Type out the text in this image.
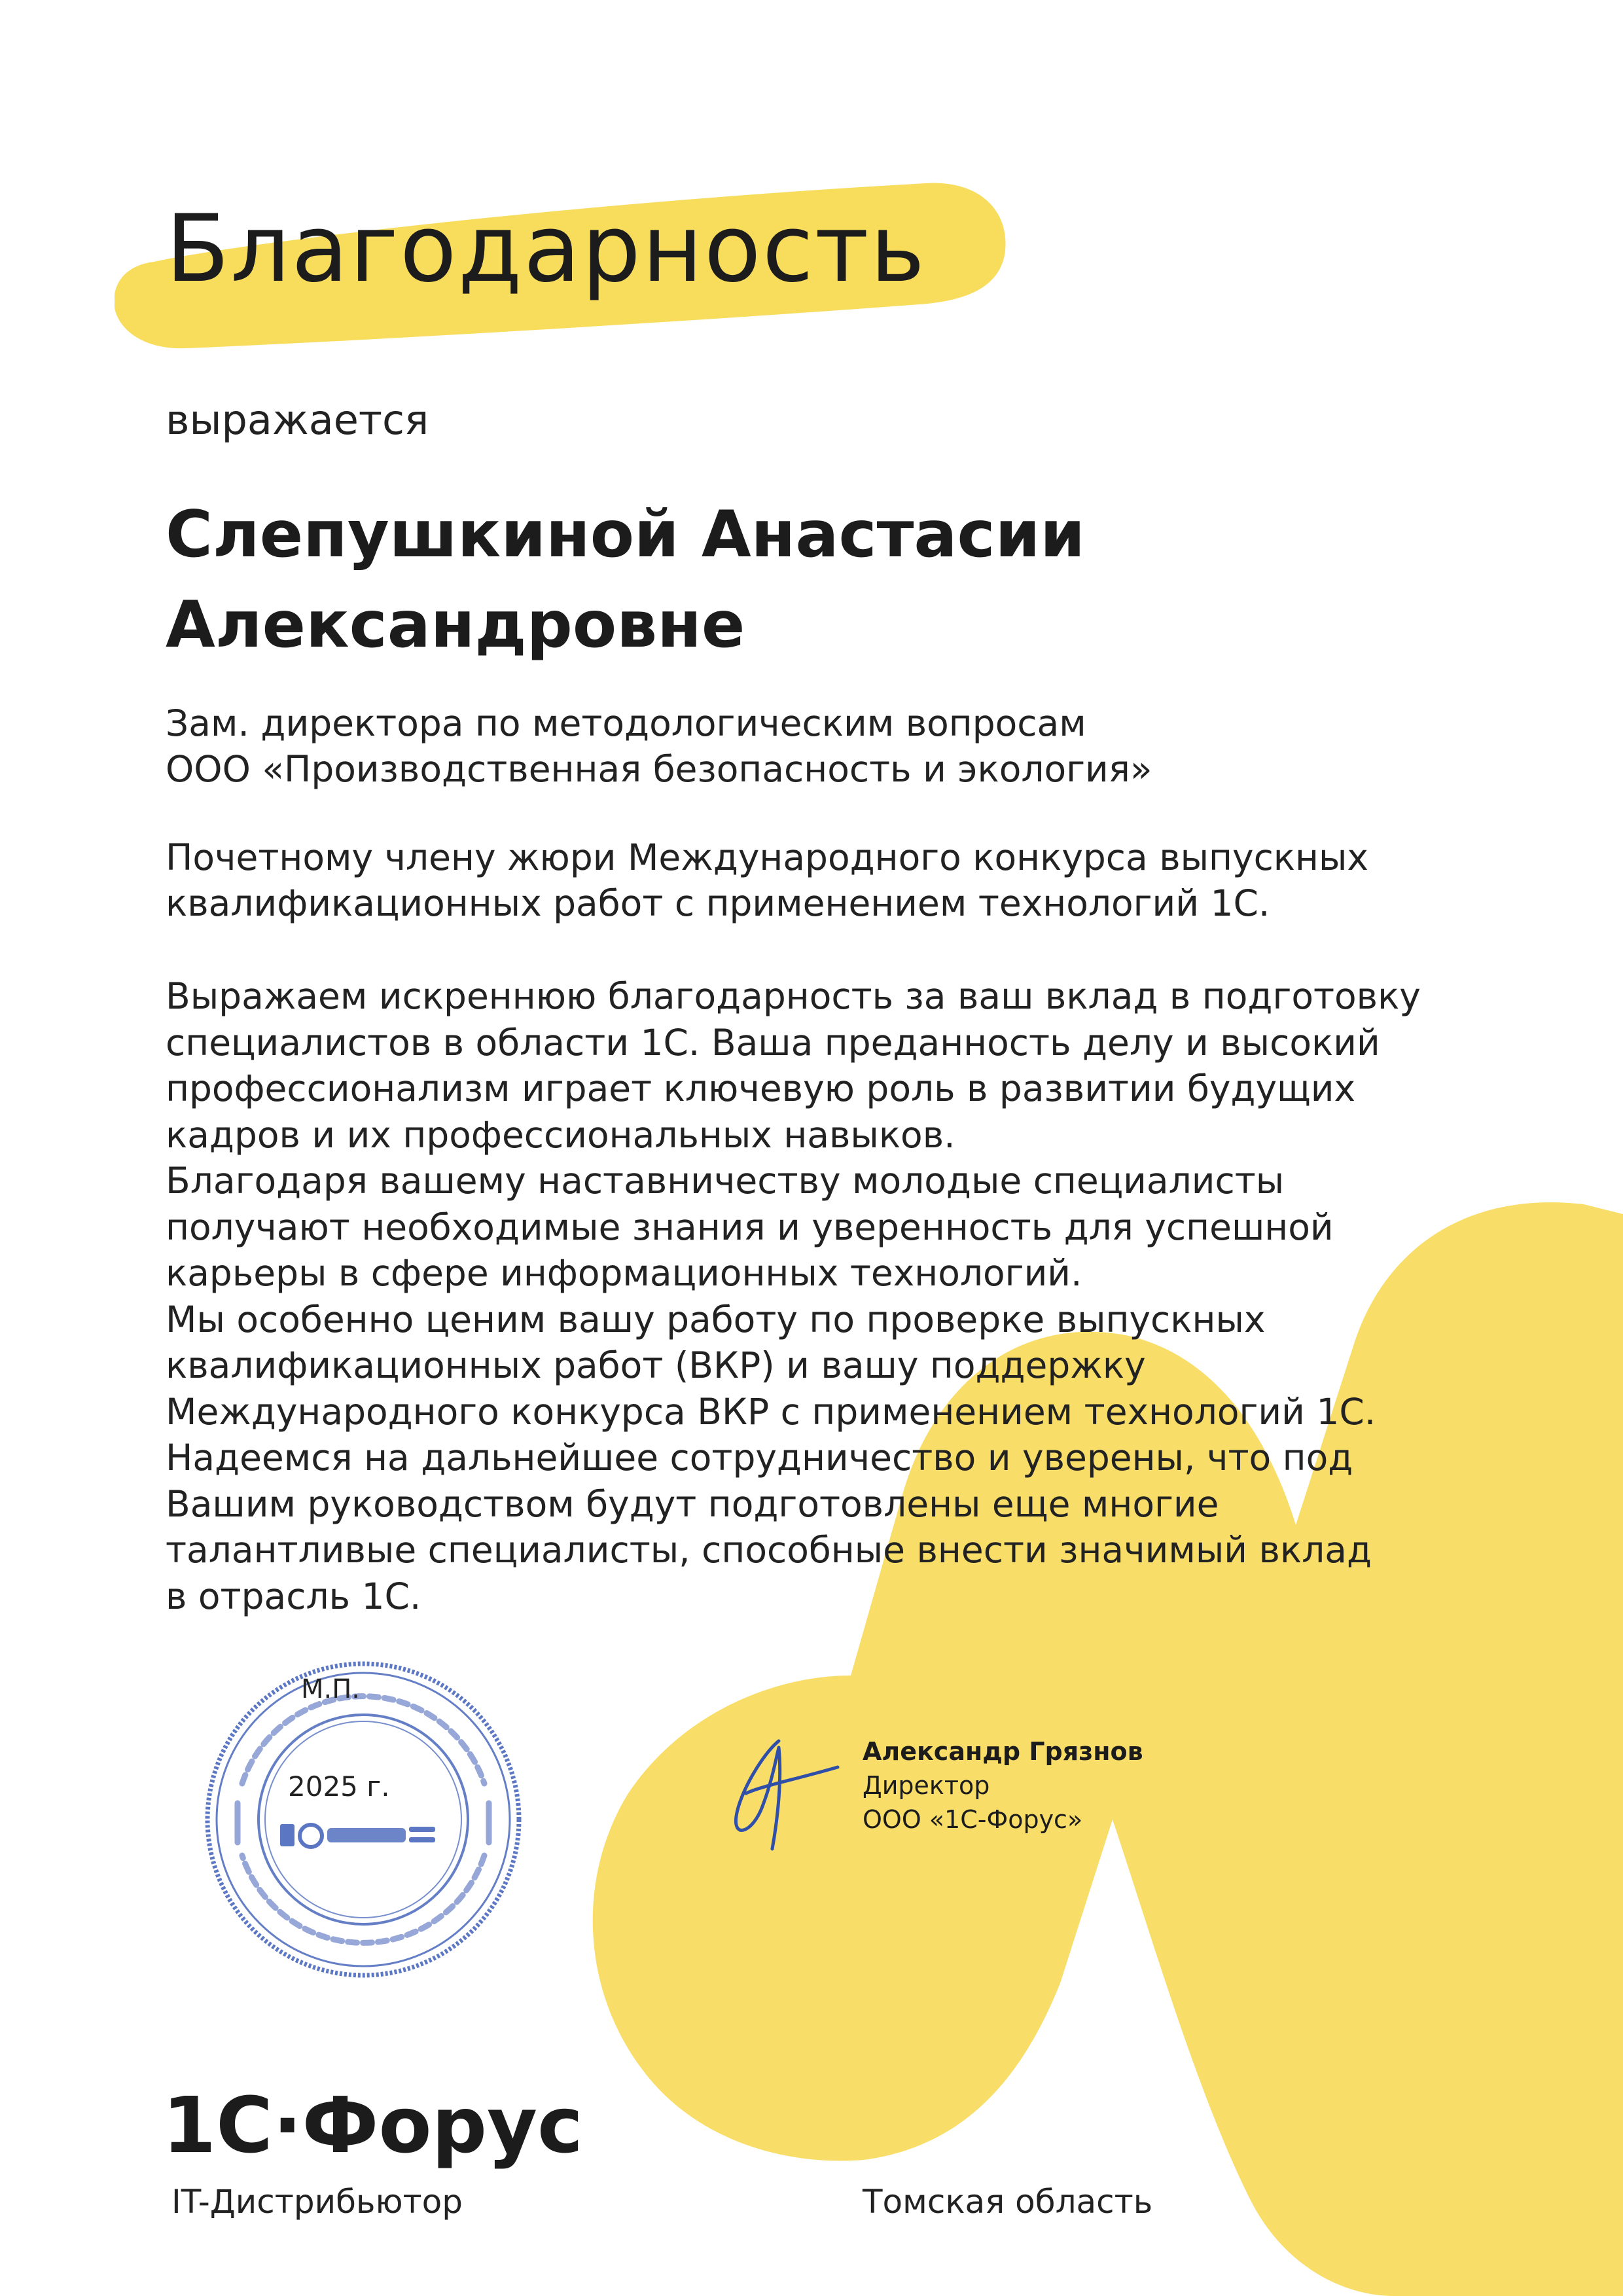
Благодарность

выражается

Слепушкиной Анастасии
Александровне

Зам. директора по методологическим вопросам
ООО «Производственная безопасность и экология»

Почетному члену жюри Международного конкурса выпускных
квалификационных работ с применением технологий 1С.

Выражаем искреннюю благодарность за ваш вклад в подготовку
специалистов в области 1С. Ваша преданность делу и высокий
профессионализм играет ключевую роль в развитии будущих
кадров и их профессиональных навыков.
Благодаря вашему наставничеству молодые специалисты
получают необходимые знания и уверенность для успешной
карьеры в сфере информационных технологий.
Мы особенно ценим вашу работу по проверке выпускных
квалификационных работ (ВКР) и вашу поддержку
Международного конкурса ВКР с применением технологий 1С.
Надеемся на дальнейшее сотрудничество и уверены, что под
Вашим руководством будут подготовлены еще многие
талантливые специалисты, способные внести значимый вклад
в отрасль 1С.

М.П.

2025 г.

Александр Грязнов
Директор
ООО «1С-Форус»
1С·Форус

IT-Дистрибьютор	Томская область
